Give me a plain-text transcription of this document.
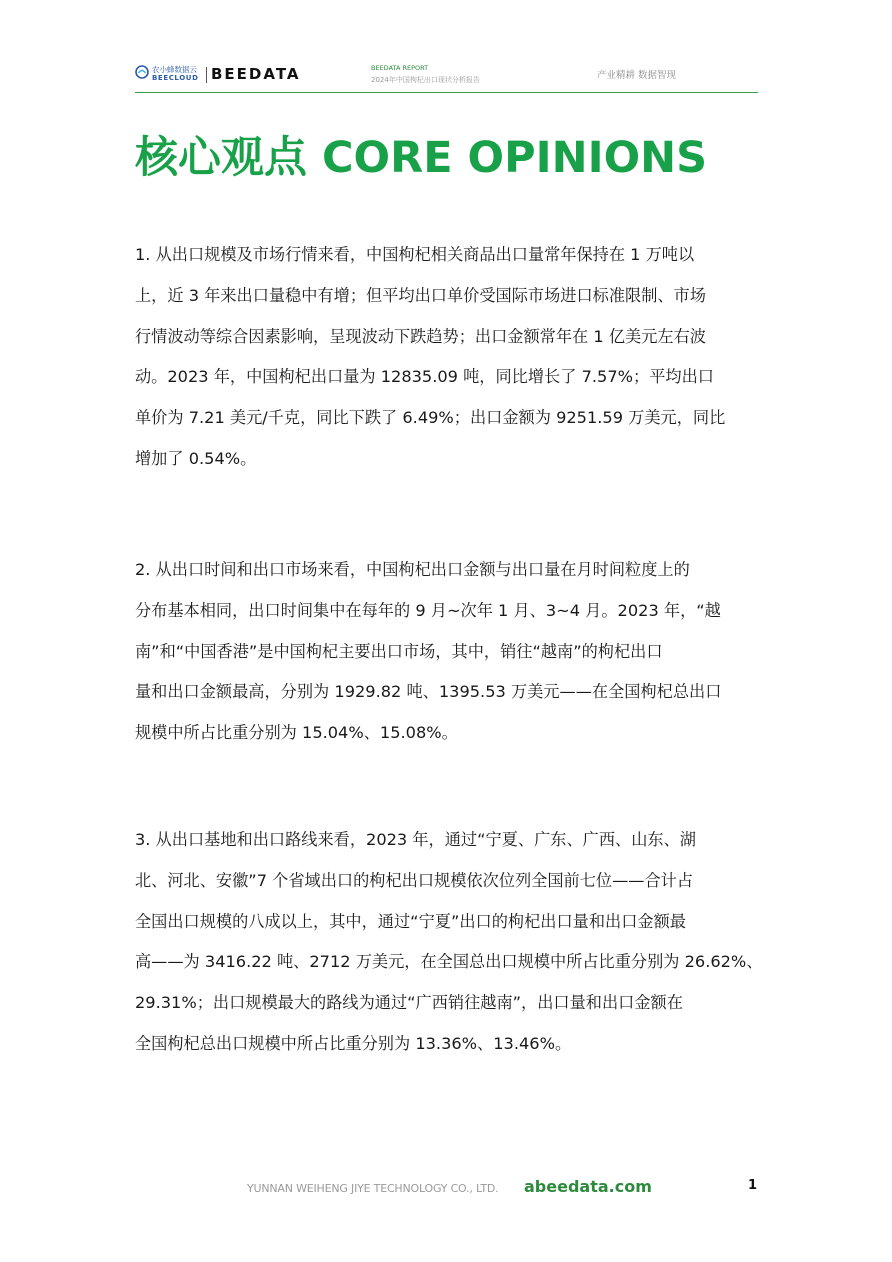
农小蜂数据云
BEECLOUD BEEDATA	BEEDATA REPORT
2024年中国枸杞出口现状分析报告	产业精耕 数据智现
核心观点 CORE OPINIONS
1. 从出口规模及市场行情来看，中国枸杞相关商品出口量常年保持在 1 万吨以
上，近 3 年来出口量稳中有增；但平均出口单价受国际市场进口标准限制、市场
行情波动等综合因素影响，呈现波动下跌趋势；出口金额常年在 1 亿美元左右波
动。2023 年，中国枸杞出口量为 12835.09 吨，同比增长了 7.57%；平均出口
单价为 7.21 美元/千克，同比下跌了 6.49%；出口金额为 9251.59 万美元，同比
增加了 0.54%。
2. 从出口时间和出口市场来看，中国枸杞出口金额与出口量在月时间粒度上的
分布基本相同，出口时间集中在每年的 9 月~次年 1 月、3~4 月。2023 年，“越
南”和“中国香港”是中国枸杞主要出口市场，其中，销往“越南”的枸杞出口
量和出口金额最高，分别为 1929.82 吨、1395.53 万美元——在全国枸杞总出口
规模中所占比重分别为 15.04%、15.08%。
3. 从出口基地和出口路线来看，2023 年，通过“宁夏、广东、广西、山东、湖
北、河北、安徽”7 个省域出口的枸杞出口规模依次位列全国前七位——合计占
全国出口规模的八成以上，其中，通过“宁夏”出口的枸杞出口量和出口金额最
高——为 3416.22 吨、2712 万美元，在全国总出口规模中所占比重分别为 26.62%、
29.31%；出口规模最大的路线为通过“广西销往越南”，出口量和出口金额在
全国枸杞总出口规模中所占比重分别为 13.36%、13.46%。
YUNNAN WEIHENG JIYE TECHNOLOGY CO., LTD. abeedata.com	1
